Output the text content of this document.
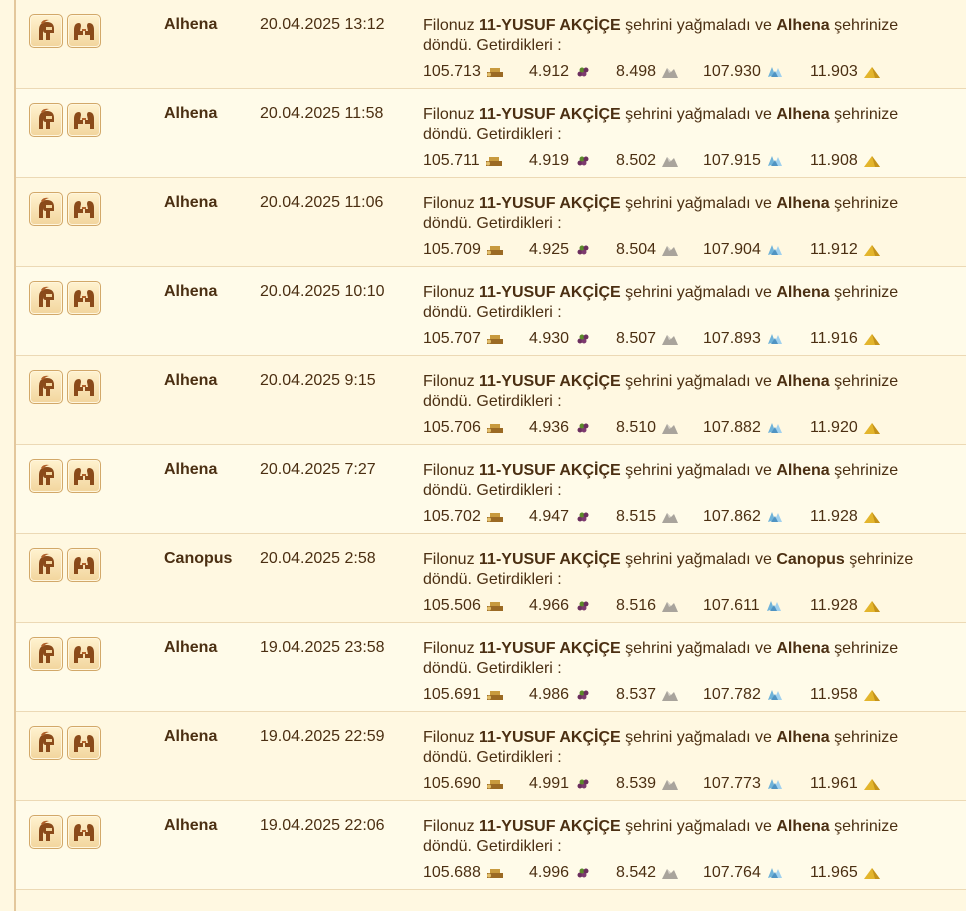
Alhena	20.04.2025 13:12 Filonuz 11-YUSUF AKÇİÇE şehrini yağmaladı ve Alhena şehrinize
döndü. Getirdikleri :
105.713	4.912	8.498	107.930	11.903
Alhena	20.04.2025 11:58 Filonuz 11-YUSUF AKÇİÇE şehrini yağmaladı ve Alhena şehrinize
döndü. Getirdikleri :
105.711	4.919	8.502	107.915	11.908
Alhena	20.04.2025 11:06 Filonuz 11-YUSUF AKÇİÇE şehrini yağmaladı ve Alhena şehrinize
döndü. Getirdikleri :
105.709	4.925	8.504	107.904	11.912
Alhena	20.04.2025 10:10 Filonuz 11-YUSUF AKÇİÇE şehrini yağmaladı ve Alhena şehrinize
döndü. Getirdikleri :
105.707	4.930	8.507	107.893	11.916
Alhena	20.04.2025 9:15	Filonuz 11-YUSUF AKÇİÇE şehrini yağmaladı ve Alhena şehrinize
döndü. Getirdikleri :
105.706	4.936	8.510	107.882	11.920
Alhena	20.04.2025 7:27	Filonuz 11-YUSUF AKÇİÇE şehrini yağmaladı ve Alhena şehrinize
döndü. Getirdikleri :
105.702	4.947	8.515	107.862	11.928
Canopus 20.04.2025 2:58	Filonuz 11-YUSUF AKÇİÇE şehrini yağmaladı ve Canopus şehrinize
döndü. Getirdikleri :
105.506	4.966	8.516	107.611	11.928
Alhena	19.04.2025 23:58 Filonuz 11-YUSUF AKÇİÇE şehrini yağmaladı ve Alhena şehrinize
döndü. Getirdikleri :
105.691	4.986	8.537	107.782	11.958
Alhena	19.04.2025 22:59 Filonuz 11-YUSUF AKÇİÇE şehrini yağmaladı ve Alhena şehrinize
döndü. Getirdikleri :
105.690	4.991	8.539	107.773	11.961
Alhena	19.04.2025 22:06 Filonuz 11-YUSUF AKÇİÇE şehrini yağmaladı ve Alhena şehrinize
döndü. Getirdikleri :
105.688	4.996	8.542	107.764	11.965
